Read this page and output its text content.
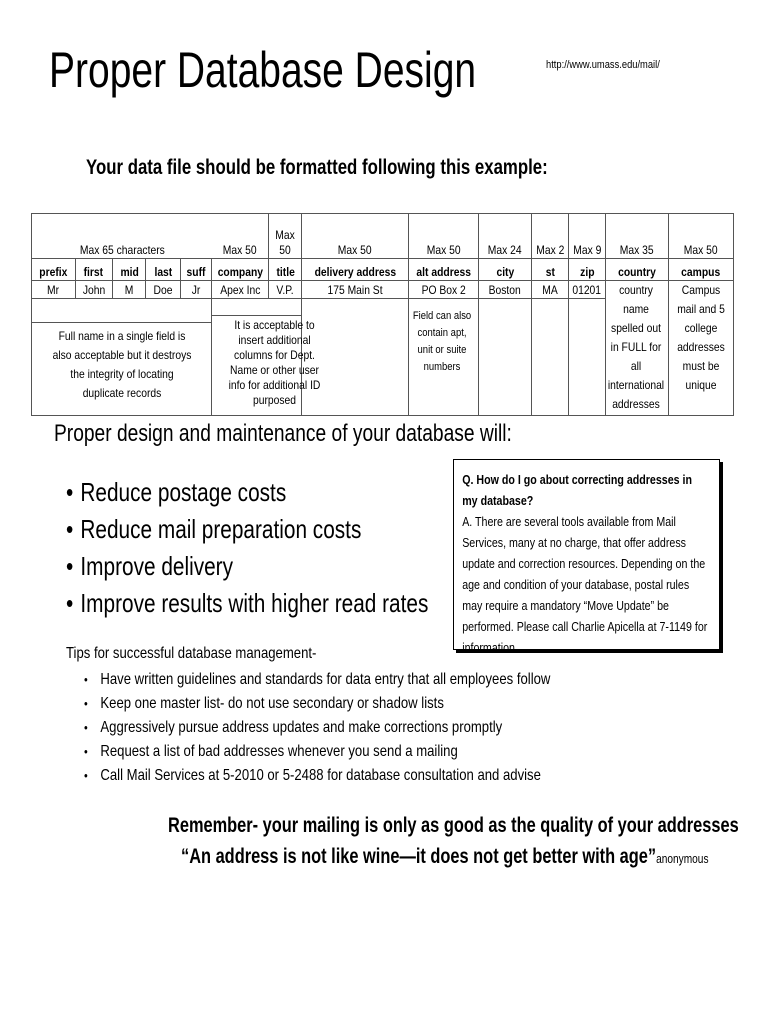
Proper Database Design	http://www.umass.edu/mail/
Your data file should be formatted following this example:
Max 65 characters					Max 50	Max 50	Max 50	Max 50	Max 24	Max 2	Max 9	Max 35	Max 50
prefix	first	mid	last	suff	company	title	delivery address	alt address	city	st	zip	country	campus
Mr	John	M	Doe	Jr	Apex Inc	V.P.	175 Main St	PO Box 2	Boston	MA	01201	country name spelled out in FULL for all international addresses	Campus mail and 5 college addresses must be unique

Full name in a single field is also acceptable but it destroys the integrity of locating duplicate records					It is acceptable to insert additional columns for Dept. Name or other user info for additional ID purposed			Field can also contain apt, unit or suite numbers					

Proper design and maintenance of your database will:
• Reduce postage costs
• Reduce mail preparation costs
• Improve delivery
• Improve results with higher read rates
Q. How do I go about correcting addresses in my database?
A. There are several tools available from Mail Services, many at no charge, that offer address update and correction resources. Depending on the age and condition of your database, postal rules may require a mandatory “Move Update” be performed. Please call Charlie Apicella at 7-1149 for information.
Tips for successful database management-
• Have written guidelines and standards for data entry that all employees follow
• Keep one master list- do not use secondary or shadow lists
• Aggressively pursue address updates and make corrections promptly
• Request a list of bad addresses whenever you send a mailing
• Call Mail Services at 5-2010 or 5-2488 for database consultation and advise
Remember- your mailing is only as good as the quality of your addresses
“An address is not like wine—it does not get better with age”anonymous
